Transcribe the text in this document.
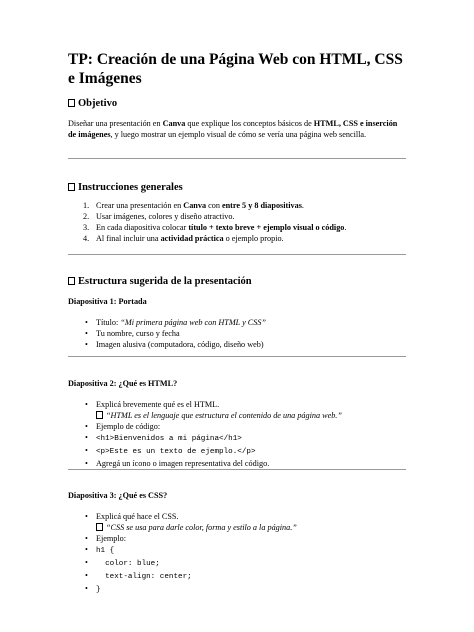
TP: Creación de una Página Web con HTML, CSS e Imágenes
Objetivo
Diseñar una presentación en Canva que explique los conceptos básicos de HTML, CSS e inserción de imágenes, y luego mostrar un ejemplo visual de cómo se vería una página web sencilla.
Instrucciones generales
1. Crear una presentación en Canva con entre 5 y 8 diapositivas.
2. Usar imágenes, colores y diseño atractivo.
3. En cada diapositiva colocar título + texto breve + ejemplo visual o código.
4. Al final incluir una actividad práctica o ejemplo propio.
Estructura sugerida de la presentación
Diapositiva 1: Portada
• Título: “Mi primera página web con HTML y CSS”
• Tu nombre, curso y fecha
• Imagen alusiva (computadora, código, diseño web)
Diapositiva 2: ¿Qué es HTML?
• Explicá brevemente qué es el HTML.
“HTML es el lenguaje que estructura el contenido de una página web.”
• Ejemplo de código:
• <h1>Bienvenidos a mi página</h1>
• <p>Este es un texto de ejemplo.</p>
• Agregá un ícono o imagen representativa del código.
Diapositiva 3: ¿Qué es CSS?
• Explicá qué hace el CSS.
“CSS se usa para darle color, forma y estilo a la página.”
• Ejemplo:
• h1 {
• color: blue;
• text-align: center;
• }
